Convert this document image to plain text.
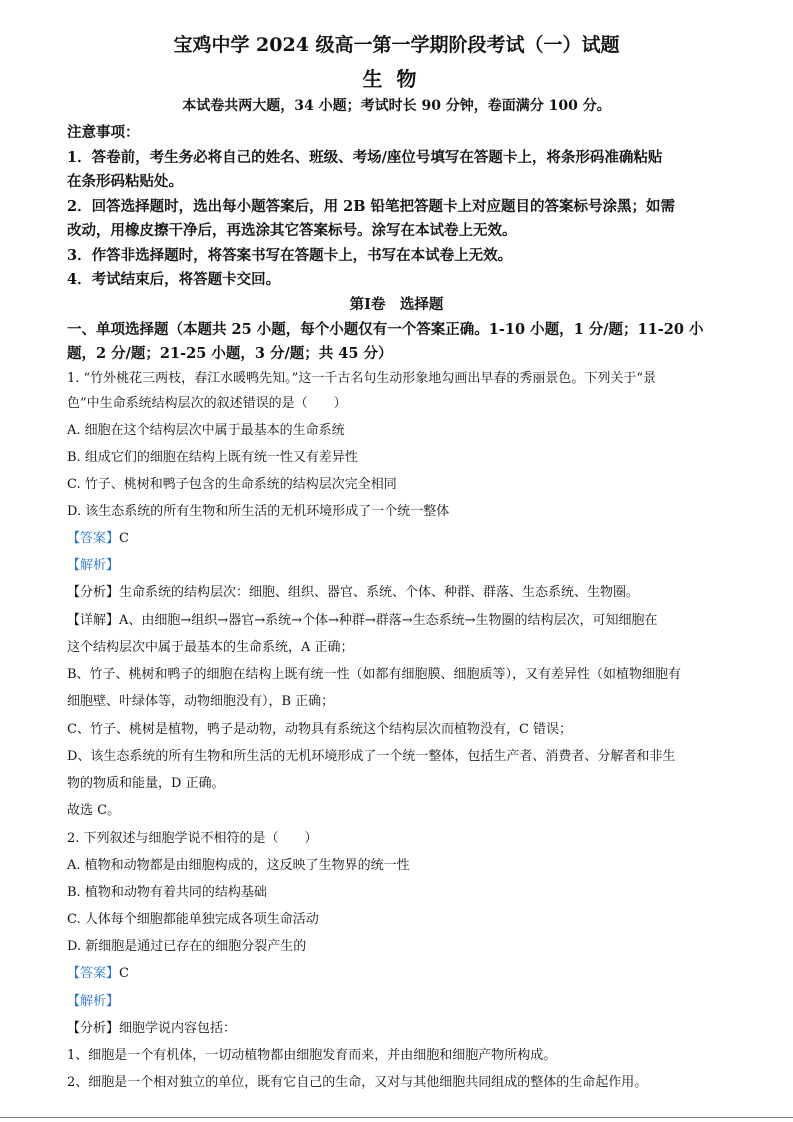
宝鸡中学 2024 级高一第一学期阶段考试（一）试题
生物
本试卷共两大题，34 小题；考试时长 90 分钟，卷面满分 100 分。
注意事项：
1．答卷前，考生务必将自己的姓名、班级、考场/座位号填写在答题卡上，将条形码准确粘贴
在条形码粘贴处。
2．回答选择题时，选出每小题答案后，用 2B 铅笔把答题卡上对应题目的答案标号涂黑；如需
改动，用橡皮擦干净后，再选涂其它答案标号。涂写在本试卷上无效。
3．作答非选择题时，将答案书写在答题卡上，书写在本试卷上无效。
4．考试结束后，将答题卡交回。
第Ⅰ卷　选择题
一、单项选择题（本题共 25 小题，每个小题仅有一个答案正确。1-10 小题，1 分/题；11-20 小
题，2 分/题；21-25 小题，3 分/题；共 45 分）
1. “竹外桃花三两枝，春江水暖鸭先知。”这一千古名句生动形象地勾画出早春的秀丽景色。下列关于“景
色”中生命系统结构层次的叙述错误的是（　　）
A. 细胞在这个结构层次中属于最基本的生命系统
B. 组成它们的细胞在结构上既有统一性又有差异性
C. 竹子、桃树和鸭子包含的生命系统的结构层次完全相同
D. 该生态系统的所有生物和所生活的无机环境形成了一个统一整体
【答案】C
【解析】
【分析】生命系统的结构层次：细胞、组织、器官、系统、个体、种群、群落、生态系统、生物圈。
【详解】A、由细胞→组织→器官→系统→个体→种群→群落→生态系统→生物圈的结构层次，可知细胞在
这个结构层次中属于最基本的生命系统，A 正确；
B、竹子、桃树和鸭子的细胞在结构上既有统一性（如都有细胞膜、细胞质等），又有差异性（如植物细胞有
细胞壁、叶绿体等，动物细胞没有），B 正确；
C、竹子、桃树是植物，鸭子是动物，动物具有系统这个结构层次而植物没有，C 错误；
D、该生态系统的所有生物和所生活的无机环境形成了一个统一整体，包括生产者、消费者、分解者和非生
物的物质和能量，D 正确。
故选 C。
2. 下列叙述与细胞学说不相符的是（　　）
A. 植物和动物都是由细胞构成的，这反映了生物界的统一性
B. 植物和动物有着共同的结构基础
C. 人体每个细胞都能单独完成各项生命活动
D. 新细胞是通过已存在的细胞分裂产生的
【答案】C
【解析】
【分析】细胞学说内容包括：
1、细胞是一个有机体，一切动植物都由细胞发育而来，并由细胞和细胞产物所构成。
2、细胞是一个相对独立的单位，既有它自己的生命，又对与其他细胞共同组成的整体的生命起作用。
